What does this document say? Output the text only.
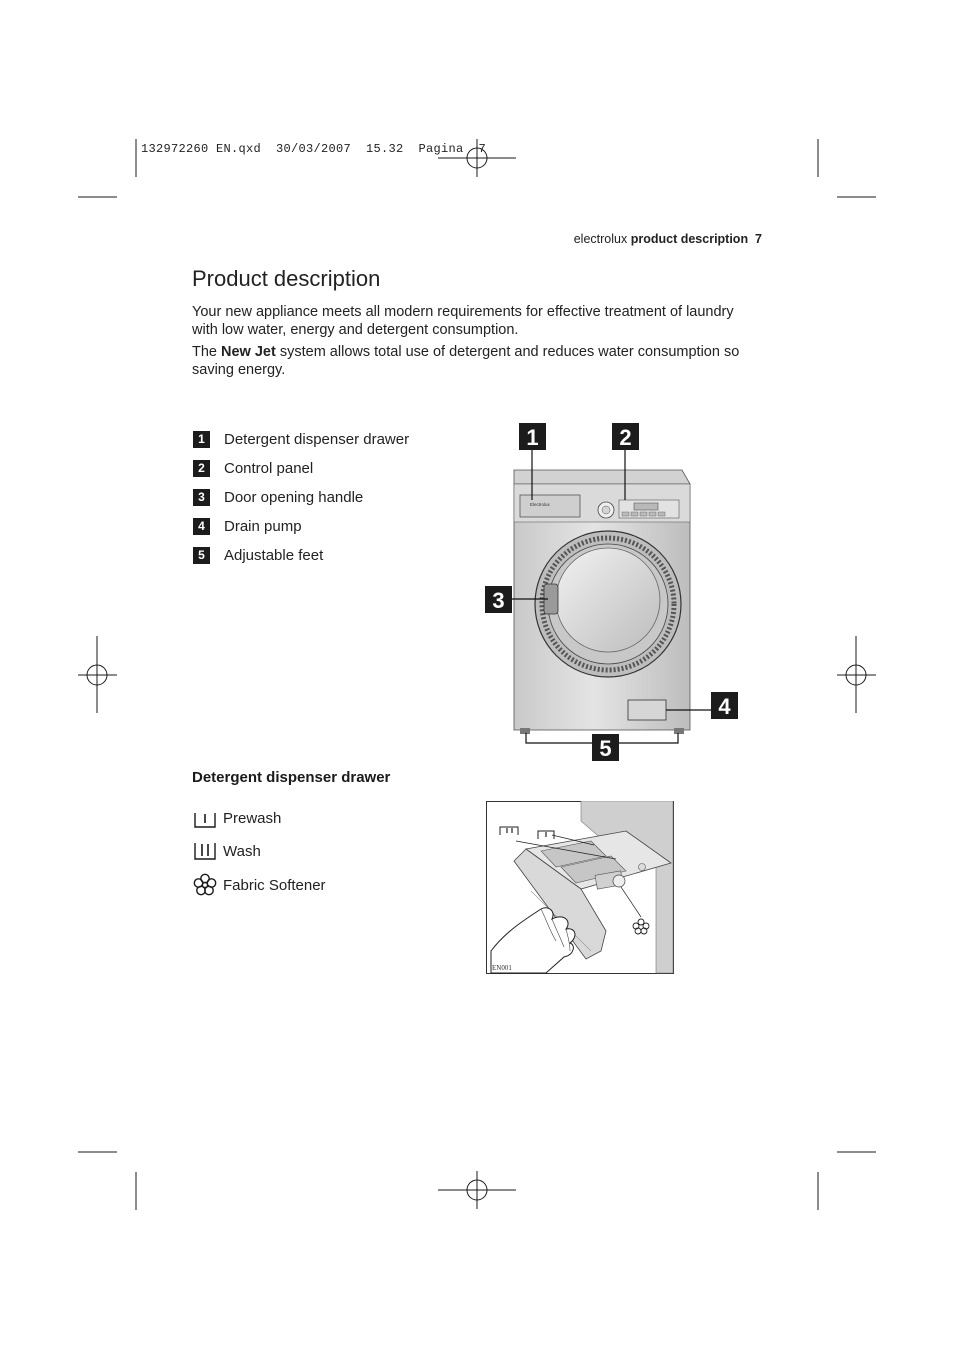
132972260 EN.qxd  30/03/2007  15.32  Pagina  7
electrolux product description 7
Product description

Your new appliance meets all modern requirements for effective treatment of laundry with low water, energy and detergent consumption.

The New Jet system allows total use of detergent and reduces water consumption so saving energy.

1	Detergent dispenser drawer
2	Control panel
3	Door opening handle
4	Drain pump
5	Adjustable feet
Electrolux
1	2
3
4
5
Detergent dispenser drawer
Prewash
Wash
Fabric Softener
EN001
